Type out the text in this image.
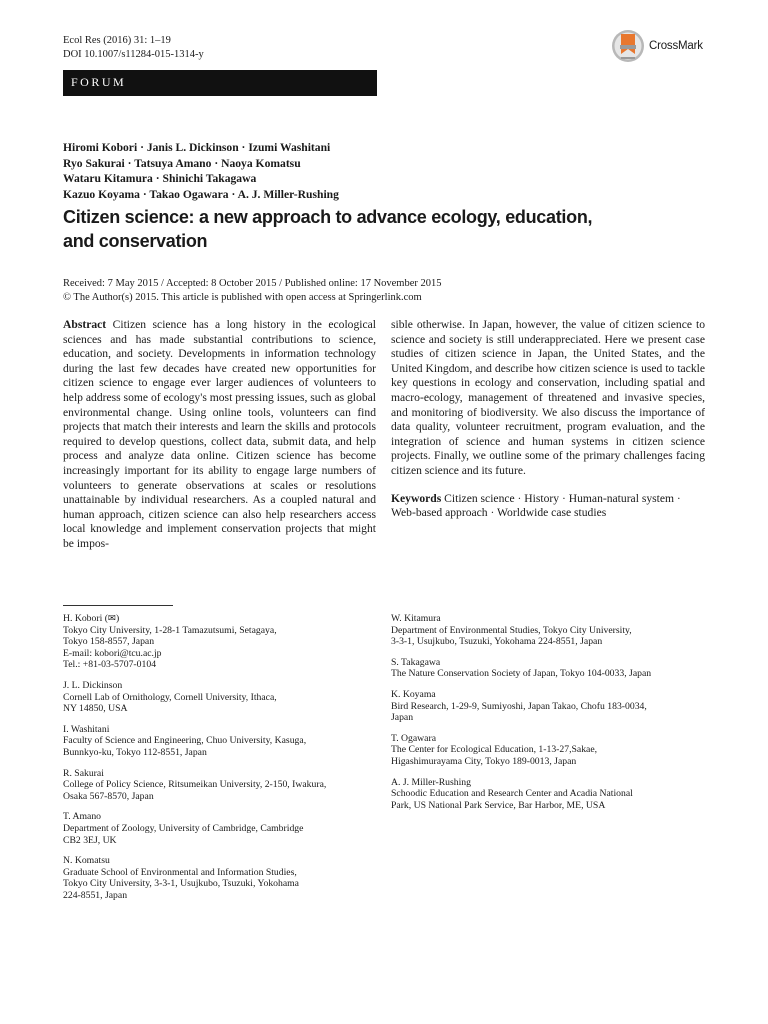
Ecol Res (2016) 31: 1–19
DOI 10.1007/s11284-015-1314-y
CrossMark
FORUM
Hiromi Kobori · Janis L. Dickinson · Izumi Washitani
Ryo Sakurai · Tatsuya Amano · Naoya Komatsu
Wataru Kitamura · Shinichi Takagawa
Kazuo Koyama · Takao Ogawara · A. J. Miller-Rushing
Citizen science: a new approach to advance ecology, education,
and conservation
Received: 7 May 2015 / Accepted: 8 October 2015 / Published online: 17 November 2015
© The Author(s) 2015. This article is published with open access at Springerlink.com
Abstract Citizen science has a long history in the ecological sciences and has made substantial contributions to science, education, and society. Developments in information technology during the last few decades have created new opportunities for citizen science to engage ever larger audiences of volunteers to help address some of ecology's most pressing issues, such as global environmental change. Using online tools, volunteers can find projects that match their interests and learn the skills and protocols required to develop questions, collect data, submit data, and help process and analyze data online. Citizen science has become increasingly important for its ability to engage large numbers of volunteers to generate observations at scales or resolutions unattainable by individual researchers. As a coupled natural and human approach, citizen science can also help researchers access local knowledge and implement conservation projects that might be impos-
sible otherwise. In Japan, however, the value of citizen science to science and society is still underappreciated. Here we present case studies of citizen science in Japan, the United States, and the United Kingdom, and describe how citizen science is used to tackle key questions in ecology and conservation, including spatial and macro-ecology, management of threatened and invasive species, and monitoring of biodiversity. We also discuss the importance of data quality, volunteer recruitment, program evaluation, and the integration of science and human systems in citizen science projects. Finally, we outline some of the primary challenges facing citizen science and its future.
Keywords Citizen science · History · Human-natural system · Web-based approach · Worldwide case studies
H. Kobori (✉)
Tokyo City University, 1-28-1 Tamazutsumi, Setagaya,
Tokyo 158-8557, Japan
E-mail: kobori@tcu.ac.jp
Tel.: +81-03-5707-0104
J. L. Dickinson
Cornell Lab of Ornithology, Cornell University, Ithaca,
NY 14850, USA
I. Washitani
Faculty of Science and Engineering, Chuo University, Kasuga,
Bunnkyo-ku, Tokyo 112-8551, Japan
R. Sakurai
College of Policy Science, Ritsumeikan University, 2-150, Iwakura,
Osaka 567-8570, Japan
T. Amano
Department of Zoology, University of Cambridge, Cambridge
CB2 3EJ, UK
N. Komatsu
Graduate School of Environmental and Information Studies,
Tokyo City University, 3-3-1, Usujkubo, Tsuzuki, Yokohama
224-8551, Japan
W. Kitamura
Department of Environmental Studies, Tokyo City University,
3-3-1, Usujkubo, Tsuzuki, Yokohama 224-8551, Japan
S. Takagawa
The Nature Conservation Society of Japan, Tokyo 104-0033, Japan
K. Koyama
Bird Research, 1-29-9, Sumiyoshi, Japan Takao, Chofu 183-0034,
Japan
T. Ogawara
The Center for Ecological Education, 1-13-27,Sakae,
Higashimurayama City, Tokyo 189-0013, Japan
A. J. Miller-Rushing
Schoodic Education and Research Center and Acadia National
Park, US National Park Service, Bar Harbor, ME, USA
